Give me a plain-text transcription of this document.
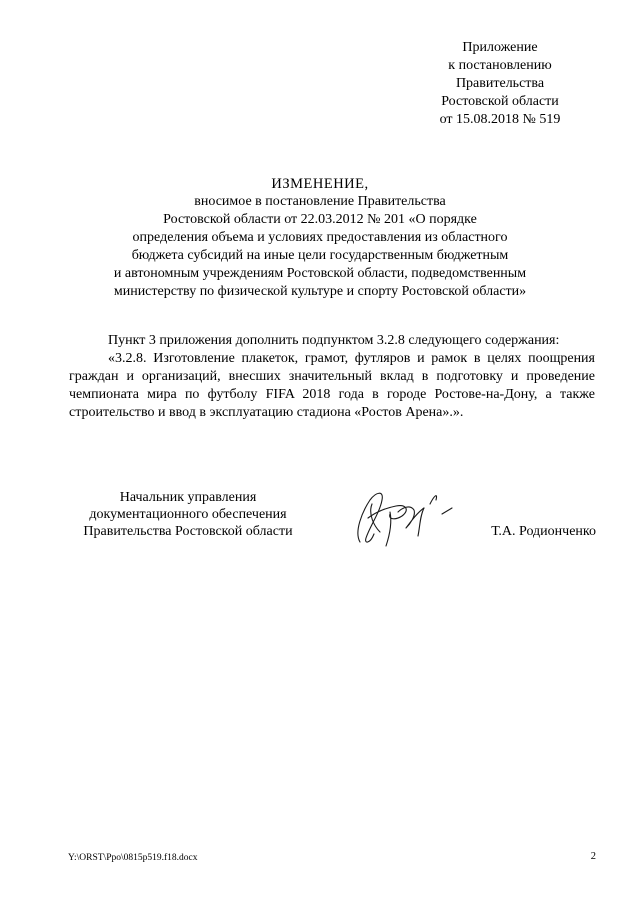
Приложение
к постановлению
Правительства
Ростовской области
от 15.08.2018 № 519
ИЗМЕНЕНИЕ,
вносимое в постановление Правительства
Ростовской области от 22.03.2012 № 201 «О порядке
определения объема и условиях предоставления из областного
бюджета субсидий на иные цели государственным бюджетным
и автономным учреждениям Ростовской области, подведомственным
министерству по физической культуре и спорту Ростовской области»

Пункт 3 приложения дополнить подпунктом 3.2.8 следующего содержания:

«3.2.8. Изготовление плакеток, грамот, футляров и рамок в целях поощрения граждан и организаций, внесших значительный вклад в подготовку и проведение чемпионата мира по футболу FIFA 2018 года в городе Ростове-на-Дону, а также строительство и ввод в эксплуатацию стадиона «Ростов Арена».».

Начальник управления
документационного обеспечения
Правительства Ростовской области	Т.А. Родионченко
Y:\ORST\Ppo\0815p519.f18.docx	2
